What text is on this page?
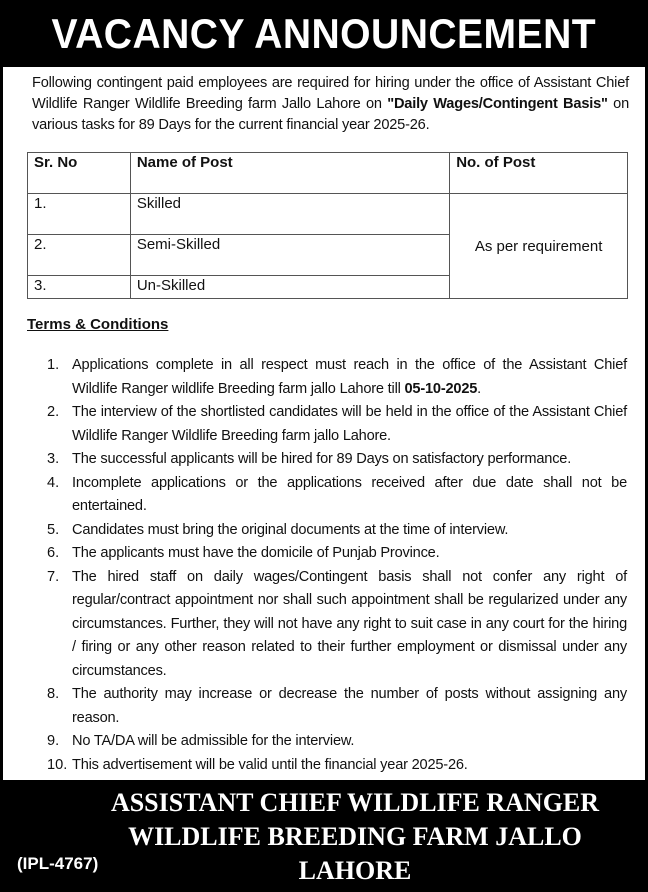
VACANCY ANNOUNCEMENT

Following contingent paid employees are required for hiring under the office of Assistant Chief Wildlife Ranger Wildlife Breeding farm Jallo Lahore on "Daily Wages/Contingent Basis" on various tasks for 89 Days for the current financial year 2025-26.

Sr. No	Name of Post	No. of Post
1.	Skilled	As per requirement
2.	Semi-Skilled	
3.	Un-Skilled	
Terms & Conditions
1. Applications complete in all respect must reach in the office of the Assistant Chief Wildlife Ranger wildlife Breeding farm jallo Lahore till 05-10-2025.
2. The interview of the shortlisted candidates will be held in the office of the Assistant Chief Wildlife Ranger Wildlife Breeding farm jallo Lahore.
3. The successful applicants will be hired for 89 Days on satisfactory performance.
4. Incomplete applications or the applications received after due date shall not be entertained.
5. Candidates must bring the original documents at the time of interview.
6. The applicants must have the domicile of Punjab Province.
7. The hired staff on daily wages/Contingent basis shall not confer any right of regular/contract appointment nor shall such appointment shall be regularized under any circumstances. Further, they will not have any right to suit case in any court for the hiring / firing or any other reason related to their further employment or dismissal under any circumstances.
8. The authority may increase or decrease the number of posts without assigning any reason.
9. No TA/DA will be admissible for the interview.
10. This advertisement will be valid until the financial year 2025-26.
ASSISTANT CHIEF WILDLIFE RANGER
WILDLIFE BREEDING FARM JALLO
LAHORE
(IPL-4767)
